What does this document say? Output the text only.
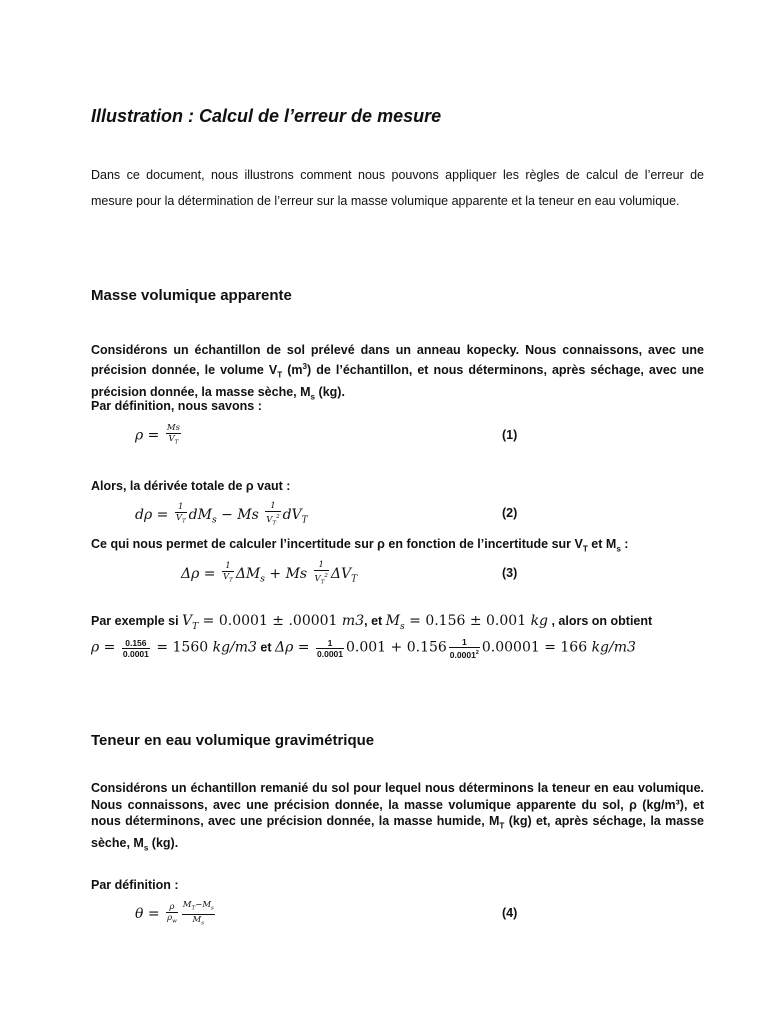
Illustration : Calcul de l’erreur de mesure
Dans ce document, nous illustrons comment nous pouvons appliquer les règles de calcul de l’erreur de mesure pour la détermination de l’erreur sur la masse volumique apparente et la teneur en eau volumique.
Masse volumique apparente
Considérons un échantillon de sol prélevé dans un anneau kopecky. Nous connaissons, avec une précision donnée, le volume $V_T$ $(m^3)$ de l’échantillon, et nous déterminons, après séchage, avec une précision donnée, la masse sèche, $M_s$ (kg).
Par définition, nous savons :
$\rho = \frac{Ms}{V_T}$	(1)
Alors, la dérivée totale de ρ vaut :
$d\rho = \frac{1}{V_T} dM_s - Ms \frac{1}{V_T^2} dV_T$
(2)
Ce qui nous permet de calculer l’incertitude sur ρ en fonction de l’incertitude sur $V_T$ et $M_s$ :
$\Delta\rho = \frac{1}{V_T} \Delta M_s + Ms \frac{1}{V_T^2} \Delta V_T$	(3)
Par exemple si $V_T = 0.0001 \pm .00001$ m3, et $M_s = 0.156 \pm 0.001$ kg , alors on obtient
$\rho = \frac{0.156}{0.0001} = 1560$ kg/m3 et $\Delta\rho = \frac{1}{0.0001} 0.001 + 0.156 \frac{1}{0.0001^2} 0.00001 = 166$ kg/m3
Teneur en eau volumique gravimétrique
Considérons un échantillon remanié du sol pour lequel nous déterminons la teneur en eau volumique. Nous connaissons, avec une précision donnée, la masse volumique apparente du sol, ρ (kg/m³), et nous déterminons, avec une précision donnée, la masse humide, $M_T$ (kg) et, après séchage, la masse sèche, $M_s$ (kg).
Par définition :
$\theta = \frac{\rho}{\rho_w} \frac{M_T-M_s}{M_s}$	(4)
